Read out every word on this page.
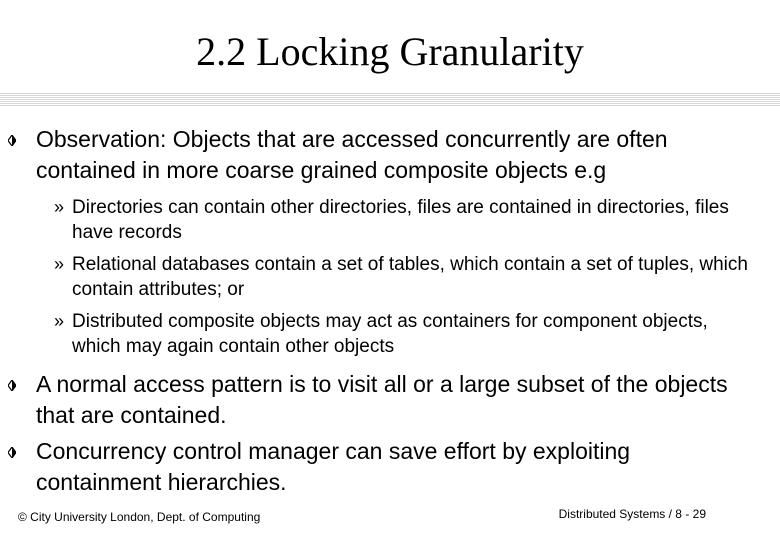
2.2 Locking Granularity
Observation: Objects that are accessed concurrently are often contained in more coarse grained composite objects e.g
» Directories can contain other directories, files are contained in directories, files have records
» Relational databases contain a set of tables, which contain a set of tuples, which contain attributes; or
» Distributed composite objects may act as containers for component objects, which may again contain other objects
A normal access pattern is to visit all or a large subset of the objects that are contained.
Concurrency control manager can save effort by exploiting containment hierarchies.
© City University London, Dept. of Computing	Distributed Systems / 8 - 29
